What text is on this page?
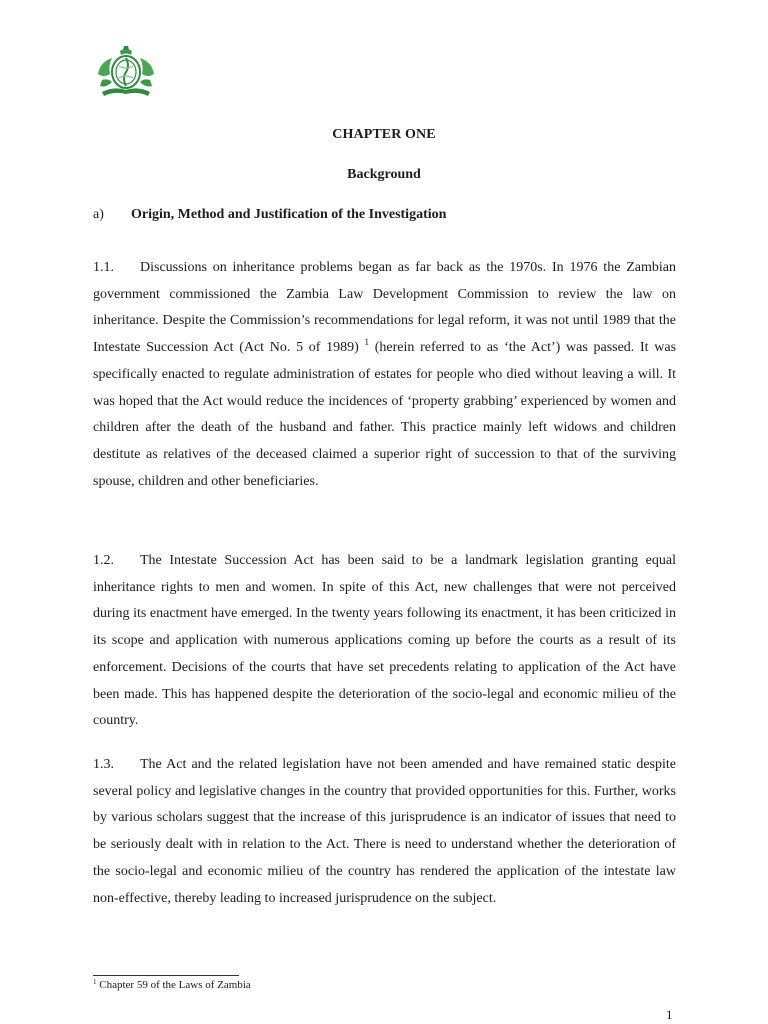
CHAPTER ONE
Background
a) Origin, Method and Justification of the Investigation

1.1. Discussions on inheritance problems began as far back as the 1970s. In 1976 the Zambian government commissioned the Zambia Law Development Commission to review the law on inheritance. Despite the Commission’s recommendations for legal reform, it was not until 1989 that the Intestate Succession Act (Act No. 5 of 1989) $^1$ (herein referred to as ‘the Act’) was passed. It was specifically enacted to regulate administration of estates for people who died without leaving a will. It was hoped that the Act would reduce the incidences of ‘property grabbing’ experienced by women and children after the death of the husband and father. This practice mainly left widows and children destitute as relatives of the deceased claimed a superior right of succession to that of the surviving spouse, children and other beneficiaries.

1.2. The Intestate Succession Act has been said to be a landmark legislation granting equal inheritance rights to men and women. In spite of this Act, new challenges that were not perceived during its enactment have emerged. In the twenty years following its enactment, it has been criticized in its scope and application with numerous applications coming up before the courts as a result of its enforcement. Decisions of the courts that have set precedents relating to application of the Act have been made. This has happened despite the deterioration of the socio-legal and economic milieu of the country.

1.3. The Act and the related legislation have not been amended and have remained static despite several policy and legislative changes in the country that provided opportunities for this. Further, works by various scholars suggest that the increase of this jurisprudence is an indicator of issues that need to be seriously dealt with in relation to the Act. There is need to understand whether the deterioration of the socio-legal and economic milieu of the country has rendered the application of the intestate law non-effective, thereby leading to increased jurisprudence on the subject.

$^1$ Chapter 59 of the Laws of Zambia
1
